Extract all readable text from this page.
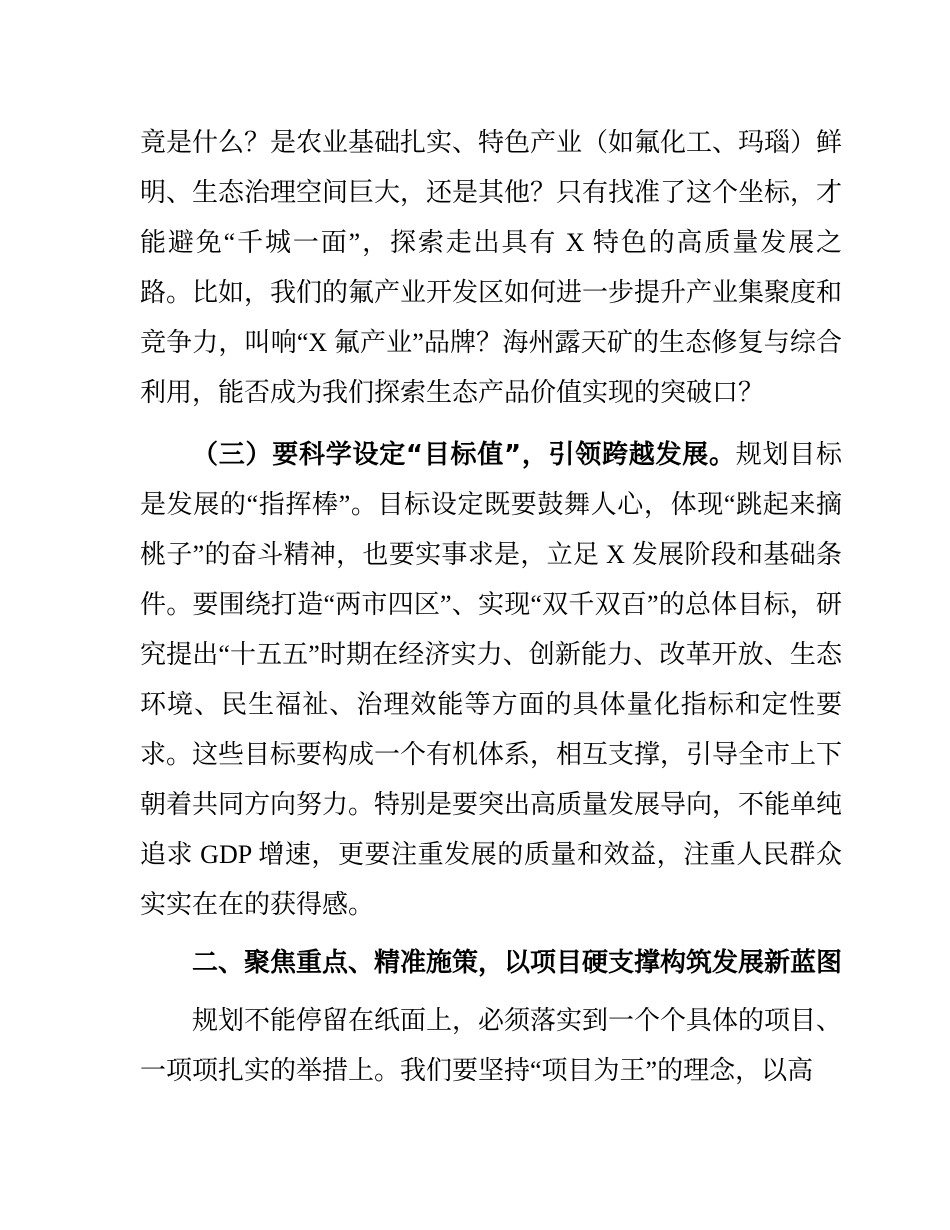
竟是什么？是农业基础扎实、特色产业（如氟化工、玛瑙）鲜明、生态治理空间巨大，还是其他？只有找准了这个坐标，才能避免“千城一面”，探索走出具有 X 特色的高质量发展之路。比如，我们的氟产业开发区如何进一步提升产业集聚度和竞争力，叫响“X 氟产业”品牌？海州露天矿的生态修复与综合利用，能否成为我们探索生态产品价值实现的突破口？

（三）要科学设定“目标值”，引领跨越发展。规划目标是发展的“指挥棒”。目标设定既要鼓舞人心，体现“跳起来摘桃子”的奋斗精神，也要实事求是，立足 X 发展阶段和基础条件。要围绕打造“两市四区”、实现“双千双百”的总体目标，研究提出“十五五”时期在经济实力、创新能力、改革开放、生态环境、民生福祉、治理效能等方面的具体量化指标和定性要求。这些目标要构成一个有机体系，相互支撑，引导全市上下朝着共同方向努力。特别是要突出高质量发展导向，不能单纯追求 GDP 增速，更要注重发展的质量和效益，注重人民群众实实在在的获得感。

二、聚焦重点、精准施策，以项目硬支撑构筑发展新蓝图

规划不能停留在纸面上，必须落实到一个个具体的项目、一项项扎实的举措上。我们要坚持“项目为王”的理念，以高
